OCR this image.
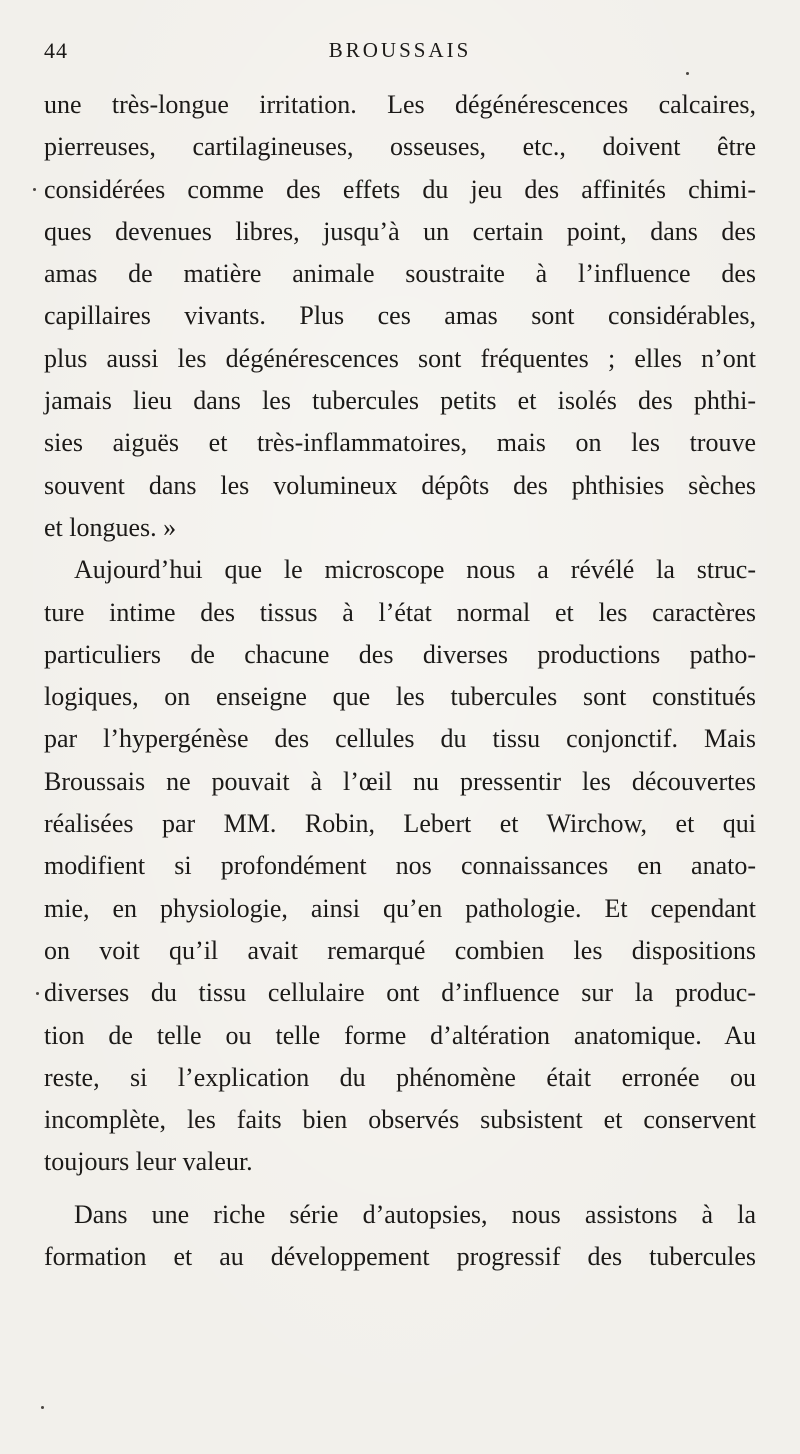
44	BROUSSAIS
une très-longue irritation. Les dégénérescences calcaires,
pierreuses, cartilagineuses, osseuses, etc., doivent être
considérées comme des effets du jeu des affinités chimi-
ques devenues libres, jusqu’à un certain point, dans des
amas de matière animale soustraite à l’influence des
capillaires vivants. Plus ces amas sont considérables,
plus aussi les dégénérescences sont fréquentes ; elles n’ont
jamais lieu dans les tubercules petits et isolés des phthi-
sies aiguës et très-inflammatoires, mais on les trouve
souvent dans les volumineux dépôts des phthisies sèches
et longues. »
Aujourd’hui que le microscope nous a révélé la struc-
ture intime des tissus à l’état normal et les caractères
particuliers de chacune des diverses productions patho-
logiques, on enseigne que les tubercules sont constitués
par l’hypergénèse des cellules du tissu conjonctif. Mais
Broussais ne pouvait à l’œil nu pressentir les découvertes
réalisées par MM. Robin, Lebert et Wirchow, et qui
modifient si profondément nos connaissances en anato-
mie, en physiologie, ainsi qu’en pathologie. Et cependant
on voit qu’il avait remarqué combien les dispositions
diverses du tissu cellulaire ont d’influence sur la produc-
tion de telle ou telle forme d’altération anatomique. Au
reste, si l’explication du phénomène était erronée ou
incomplète, les faits bien observés subsistent et conservent
toujours leur valeur.
Dans une riche série d’autopsies, nous assistons à la
formation et au développement progressif des tubercules
